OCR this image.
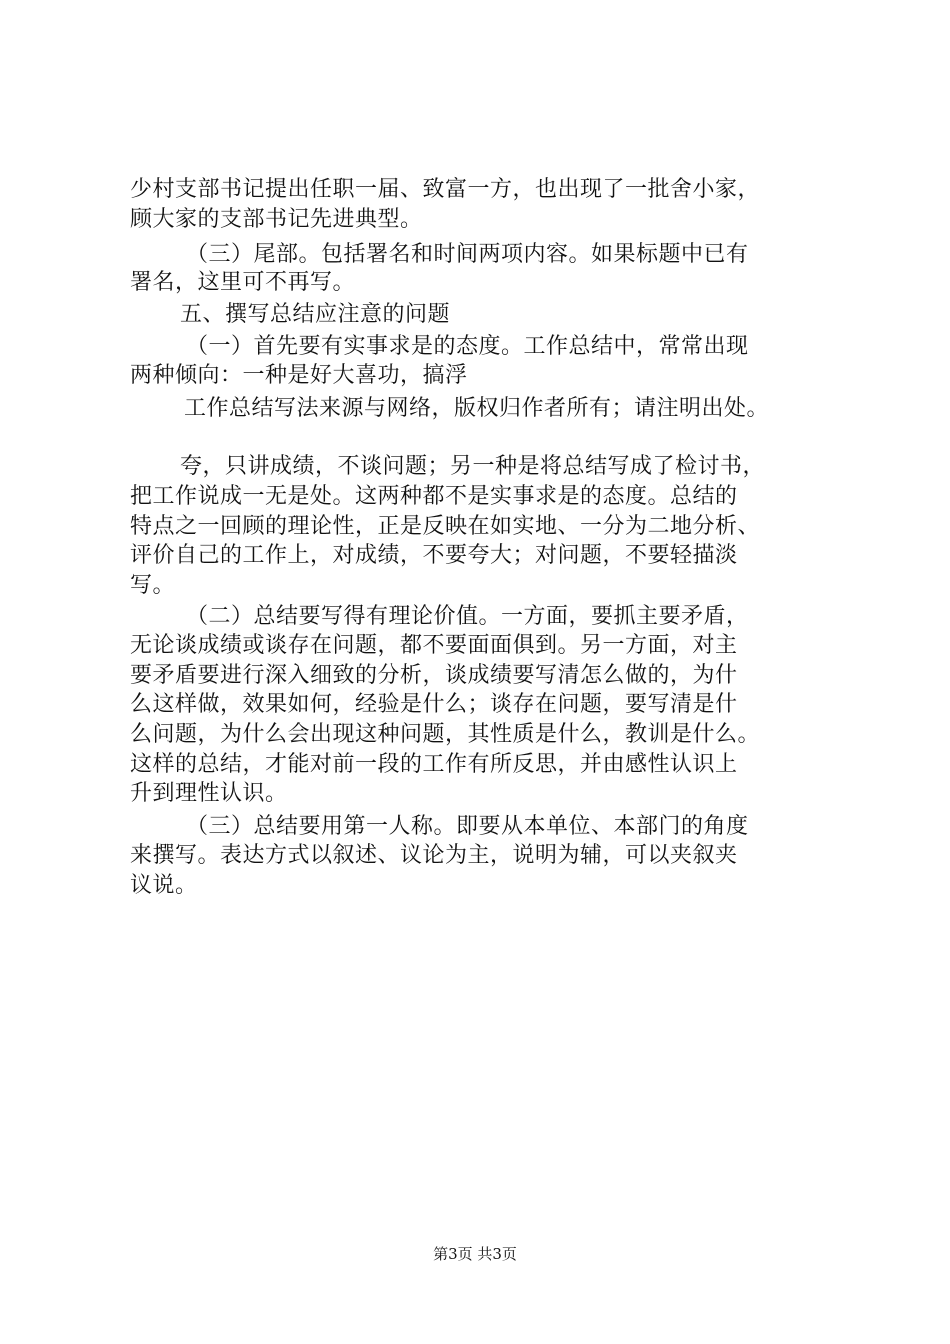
少村支部书记提出任职一届、致富一方，也出现了一批舍小家，
顾大家的支部书记先进典型。
（三）尾部。包括署名和时间两项内容。如果标题中已有
署名，这里可不再写。
五、撰写总结应注意的问题
（一）首先要有实事求是的态度。工作总结中，常常出现
两种倾向：一种是好大喜功，搞浮
工作总结写法来源与网络，版权归作者所有；请注明出处。
夸，只讲成绩，不谈问题；另一种是将总结写成了检讨书，
把工作说成一无是处。这两种都不是实事求是的态度。总结的
特点之一回顾的理论性，正是反映在如实地、一分为二地分析、
评价自己的工作上，对成绩，不要夸大；对问题，不要轻描淡
写。
（二）总结要写得有理论价值。一方面，要抓主要矛盾，
无论谈成绩或谈存在问题，都不要面面俱到。另一方面，对主
要矛盾要进行深入细致的分析，谈成绩要写清怎么做的，为什
么这样做，效果如何，经验是什么；谈存在问题，要写清是什
么问题，为什么会出现这种问题，其性质是什么，教训是什么。
这样的总结，才能对前一段的工作有所反思，并由感性认识上
升到理性认识。
（三）总结要用第一人称。即要从本单位、本部门的角度
来撰写。表达方式以叙述、议论为主，说明为辅，可以夹叙夹
议说。
第3页 共3页
